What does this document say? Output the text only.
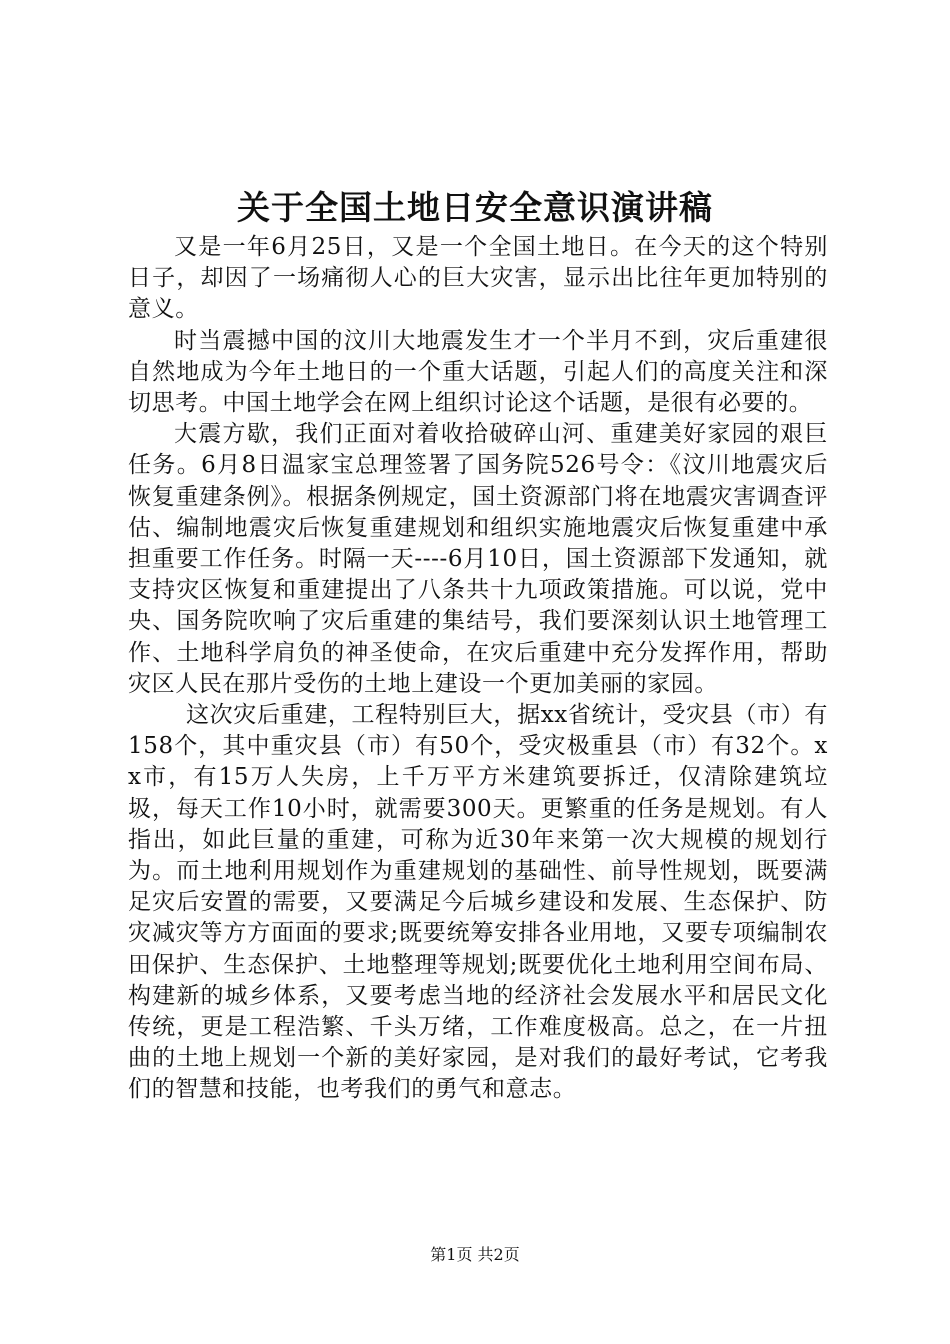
关于全国土地日安全意识演讲稿

又是一年6月25日，又是一个全国土地日。在今天的这个特别日子，却因了一场痛彻人心的巨大灾害，显示出比往年更加特别的意义。

时当震撼中国的汶川大地震发生才一个半月不到，灾后重建很自然地成为今年土地日的一个重大话题，引起人们的高度关注和深切思考。中国土地学会在网上组织讨论这个话题，是很有必要的。

大震方歇，我们正面对着收拾破碎山河、重建美好家园的艰巨任务。6月8日温家宝总理签署了国务院526号令：《汶川地震灾后恢复重建条例》。根据条例规定，国土资源部门将在地震灾害调查评估、编制地震灾后恢复重建规划和组织实施地震灾后恢复重建中承担重要工作任务。时隔一天----6月10日，国土资源部下发通知，就支持灾区恢复和重建提出了八条共十九项政策措施。可以说，党中央、国务院吹响了灾后重建的集结号，我们要深刻认识土地管理工作、土地科学肩负的神圣使命，在灾后重建中充分发挥作用，帮助灾区人民在那片受伤的土地上建设一个更加美丽的家园。

这次灾后重建，工程特别巨大，据xx省统计，受灾县（市）有158个，其中重灾县（市）有50个，受灾极重县（市）有32个。xx市，有15万人失房，上千万平方米建筑要拆迁，仅清除建筑垃圾，每天工作10小时，就需要300天。更繁重的任务是规划。有人指出，如此巨量的重建，可称为近30年来第一次大规模的规划行为。而土地利用规划作为重建规划的基础性、前导性规划，既要满足灾后安置的需要，又要满足今后城乡建设和发展、生态保护、防灾减灾等方方面面的要求;既要统筹安排各业用地，又要专项编制农田保护、生态保护、土地整理等规划;既要优化土地利用空间布局、构建新的城乡体系，又要考虑当地的经济社会发展水平和居民文化传统，更是工程浩繁、千头万绪，工作难度极高。总之，在一片扭曲的土地上规划一个新的美好家园，是对我们的最好考试，它考我们的智慧和技能，也考我们的勇气和意志。

第1页 共2页
